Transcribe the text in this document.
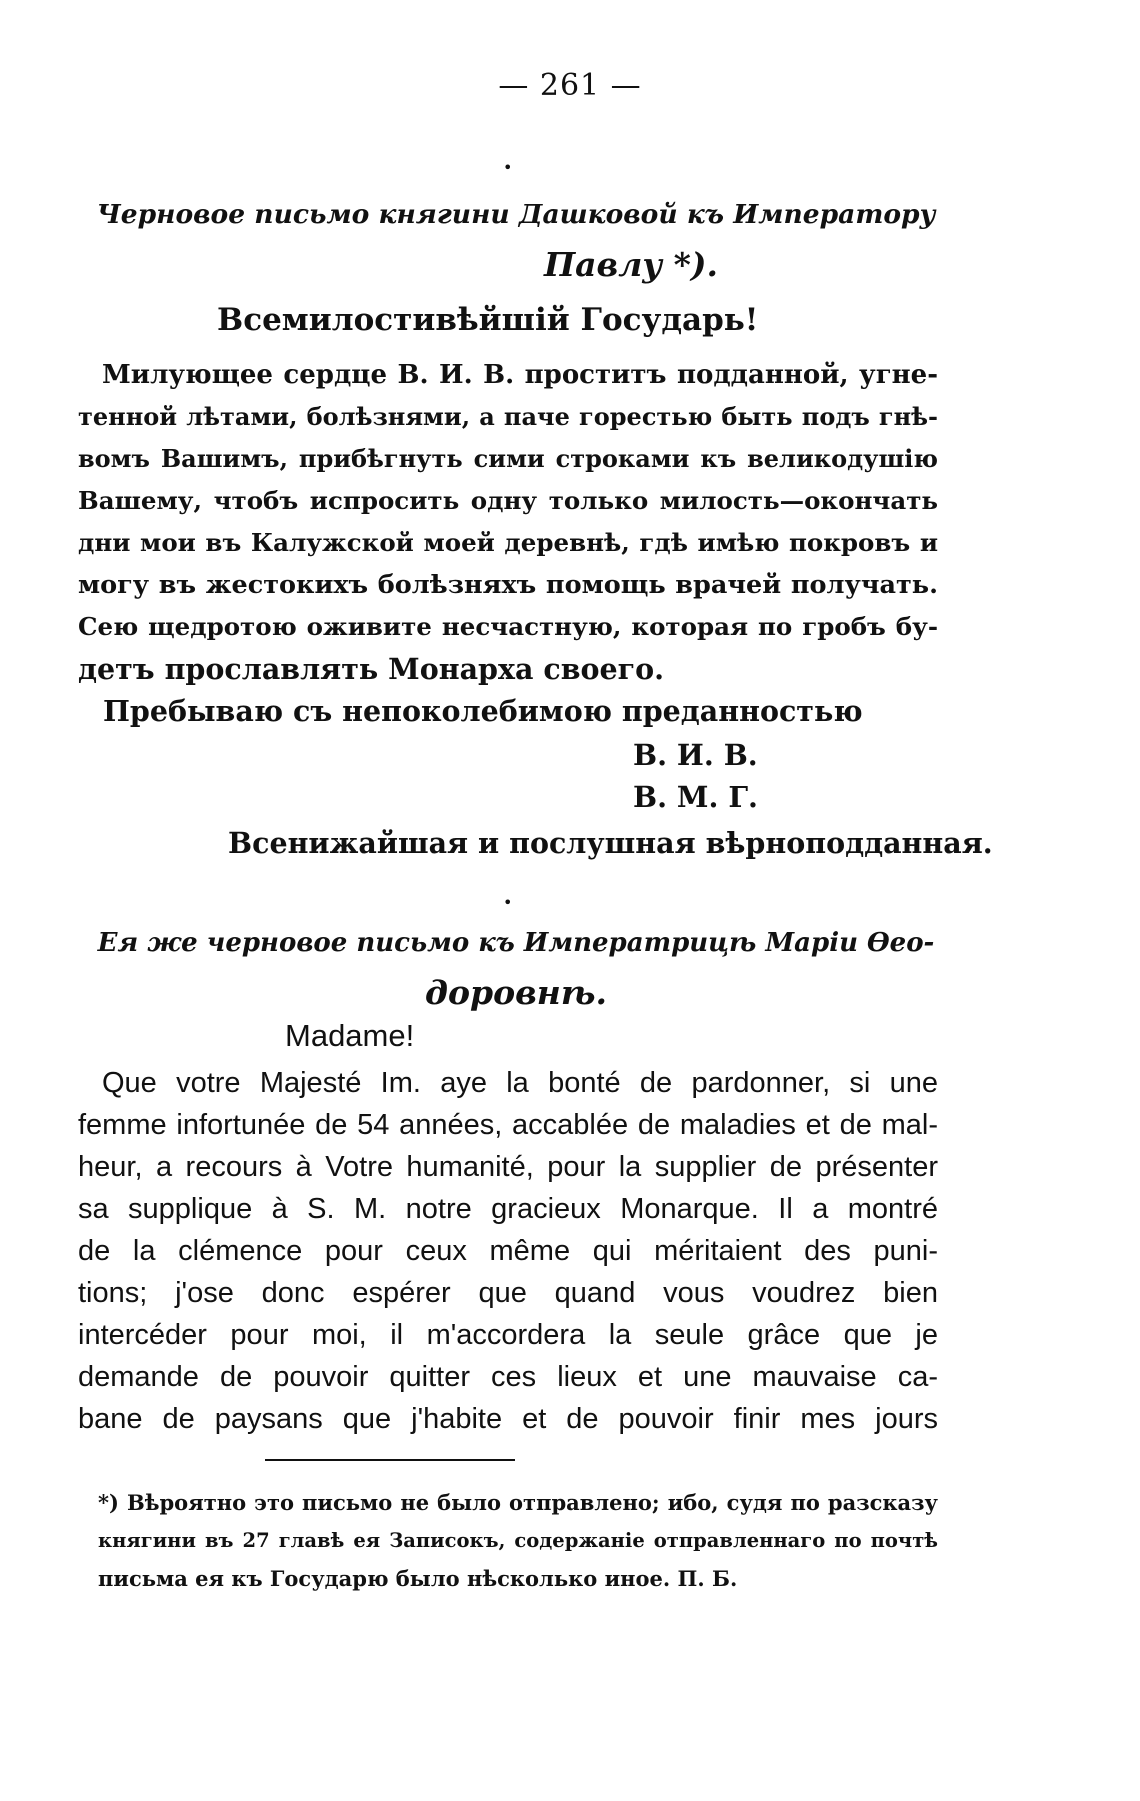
— 261 —
•
Черновое письмо княгини Дашковой къ Императору
Павлу *).
Всемилостивѣйшій Государь!
Милующее сердце В. И. В. проститъ подданной, угне-
тенной лѣтами, болѣзнями, а паче горестью быть подъ гнѣ-
вомъ Вашимъ, прибѣгнуть сими строками къ великодушію
Вашему, чтобъ испросить одну только милость—окончать
дни мои въ Калужской моей деревнѣ, гдѣ имѣю покровъ и
могу въ жестокихъ болѣзняхъ помощь врачей получать.
Сею щедротою оживите несчастную, которая по гробъ бу-
детъ прославлять Монарха своего.
Пребываю съ непоколебимою преданностью
В. И. В.
В. М. Г.
Всенижайшая и послушная вѣрноподданная.
•
Ея же черновое письмо къ Императрицѣ Маріи Ѳео-
доровнѣ.
Madame!
Que votre Majesté Im. aye la bonté de pardonner, si une
femme infortunée de 54 années, accablée de maladies et de mal-
heur, a recours à Votre humanité, pour la supplier de présenter
sa supplique à S. M. notre gracieux Monarque. Il a montré
de la clémence pour ceux même qui méritaient des puni-
tions; j'ose donc espérer que quand vous voudrez bien
intercéder pour moi, il m'accordera la seule grâce que je
demande de pouvoir quitter ces lieux et une mauvaise ca-
bane de paysans que j'habite et de pouvoir finir mes jours
*) Вѣроятно это письмо не было отправлено; ибо, судя по разсказу
княгини въ 27 главѣ ея Записокъ, содержаніе отправленнаго по почтѣ
письма ея къ Государю было нѣсколько иное. П. Б.
